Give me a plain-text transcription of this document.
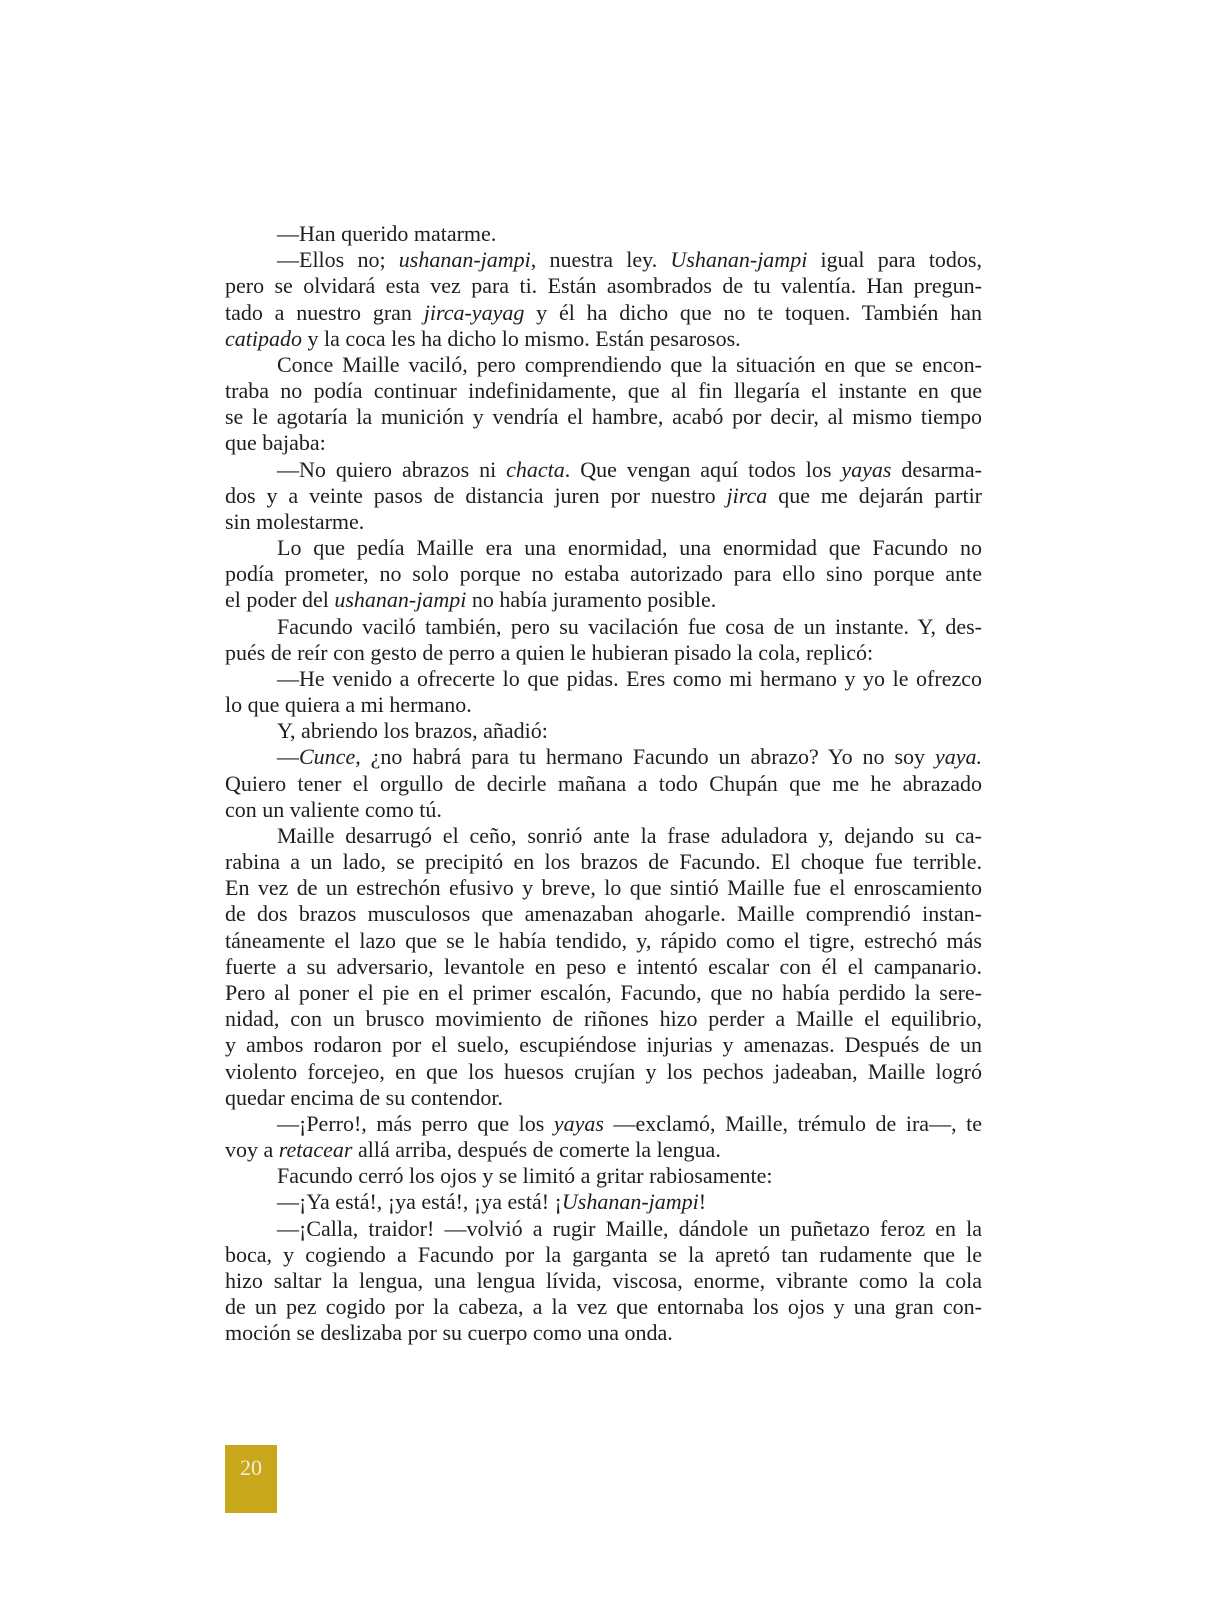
—Han querido matarme.
—Ellos no; ushanan-jampi, nuestra ley. Ushanan-jampi igual para todos,
pero se olvidará esta vez para ti. Están asombrados de tu valentía. Han pregun-
tado a nuestro gran jirca-yayag y él ha dicho que no te toquen. También han
catipado y la coca les ha dicho lo mismo. Están pesarosos.
Conce Maille vaciló, pero comprendiendo que la situación en que se encon-
traba no podía continuar indefinidamente, que al fin llegaría el instante en que
se le agotaría la munición y vendría el hambre, acabó por decir, al mismo tiempo
que bajaba:
—No quiero abrazos ni chacta. Que vengan aquí todos los yayas desarma-
dos y a veinte pasos de distancia juren por nuestro jirca que me dejarán partir
sin molestarme.
Lo que pedía Maille era una enormidad, una enormidad que Facundo no
podía prometer, no solo porque no estaba autorizado para ello sino porque ante
el poder del ushanan-jampi no había juramento posible.
Facundo vaciló también, pero su vacilación fue cosa de un instante. Y, des-
pués de reír con gesto de perro a quien le hubieran pisado la cola, replicó:
—He venido a ofrecerte lo que pidas. Eres como mi hermano y yo le ofrezco
lo que quiera a mi hermano.
Y, abriendo los brazos, añadió:
—Cunce, ¿no habrá para tu hermano Facundo un abrazo? Yo no soy yaya.
Quiero tener el orgullo de decirle mañana a todo Chupán que me he abrazado
con un valiente como tú.
Maille desarrugó el ceño, sonrió ante la frase aduladora y, dejando su ca-
rabina a un lado, se precipitó en los brazos de Facundo. El choque fue terrible.
En vez de un estrechón efusivo y breve, lo que sintió Maille fue el enroscamiento
de dos brazos musculosos que amenazaban ahogarle. Maille comprendió instan-
táneamente el lazo que se le había tendido, y, rápido como el tigre, estrechó más
fuerte a su adversario, levantole en peso e intentó escalar con él el campanario.
Pero al poner el pie en el primer escalón, Facundo, que no había perdido la sere-
nidad, con un brusco movimiento de riñones hizo perder a Maille el equilibrio,
y ambos rodaron por el suelo, escupiéndose injurias y amenazas. Después de un
violento forcejeo, en que los huesos crujían y los pechos jadeaban, Maille logró
quedar encima de su contendor.
—¡Perro!, más perro que los yayas —exclamó, Maille, trémulo de ira—, te
voy a retacear allá arriba, después de comerte la lengua.
Facundo cerró los ojos y se limitó a gritar rabiosamente:
—¡Ya está!, ¡ya está!, ¡ya está! ¡Ushanan-jampi!
—¡Calla, traidor! —volvió a rugir Maille, dándole un puñetazo feroz en la
boca, y cogiendo a Facundo por la garganta se la apretó tan rudamente que le
hizo saltar la lengua, una lengua lívida, viscosa, enorme, vibrante como la cola
de un pez cogido por la cabeza, a la vez que entornaba los ojos y una gran con-
moción se deslizaba por su cuerpo como una onda.
20
